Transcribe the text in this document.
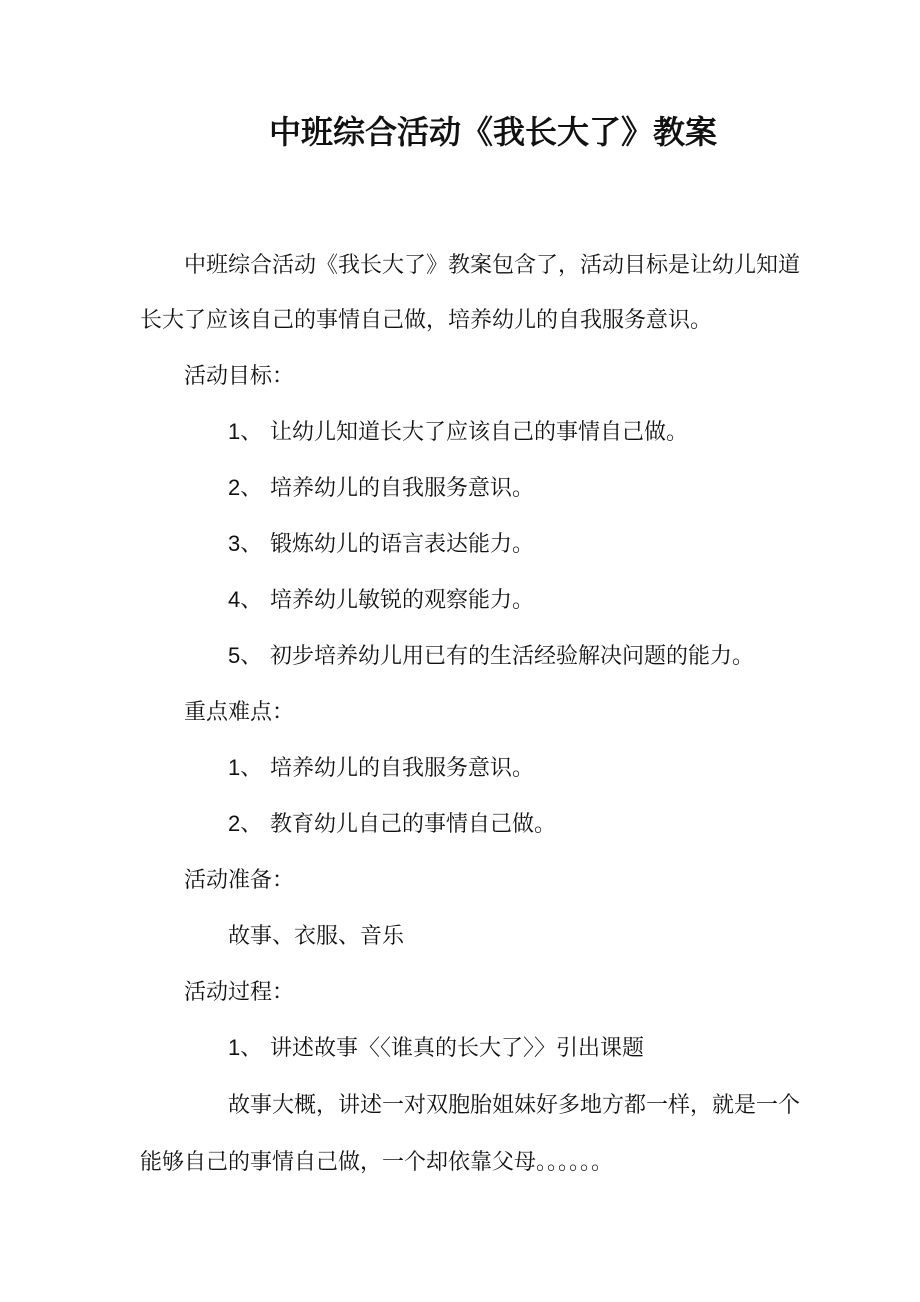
中班综合活动《我长大了》教案
中班综合活动《我长大了》教案包含了，活动目标是让幼儿知道
长大了应该自己的事情自己做，培养幼儿的自我服务意识。
活动目标：
1、 让幼儿知道长大了应该自己的事情自己做。
2、 培养幼儿的自我服务意识。
3、 锻炼幼儿的语言表达能力。
4、 培养幼儿敏锐的观察能力。
5、 初步培养幼儿用已有的生活经验解决问题的能力。
重点难点：
1、 培养幼儿的自我服务意识。
2、 教育幼儿自己的事情自己做。
活动准备：
故事、衣服、音乐
活动过程：
1、 讲述故事〈〈谁真的长大了〉〉引出课题
故事大概，讲述一对双胞胎姐妹好多地方都一样，就是一个
能够自己的事情自己做，一个却依靠父母。。。。。。
